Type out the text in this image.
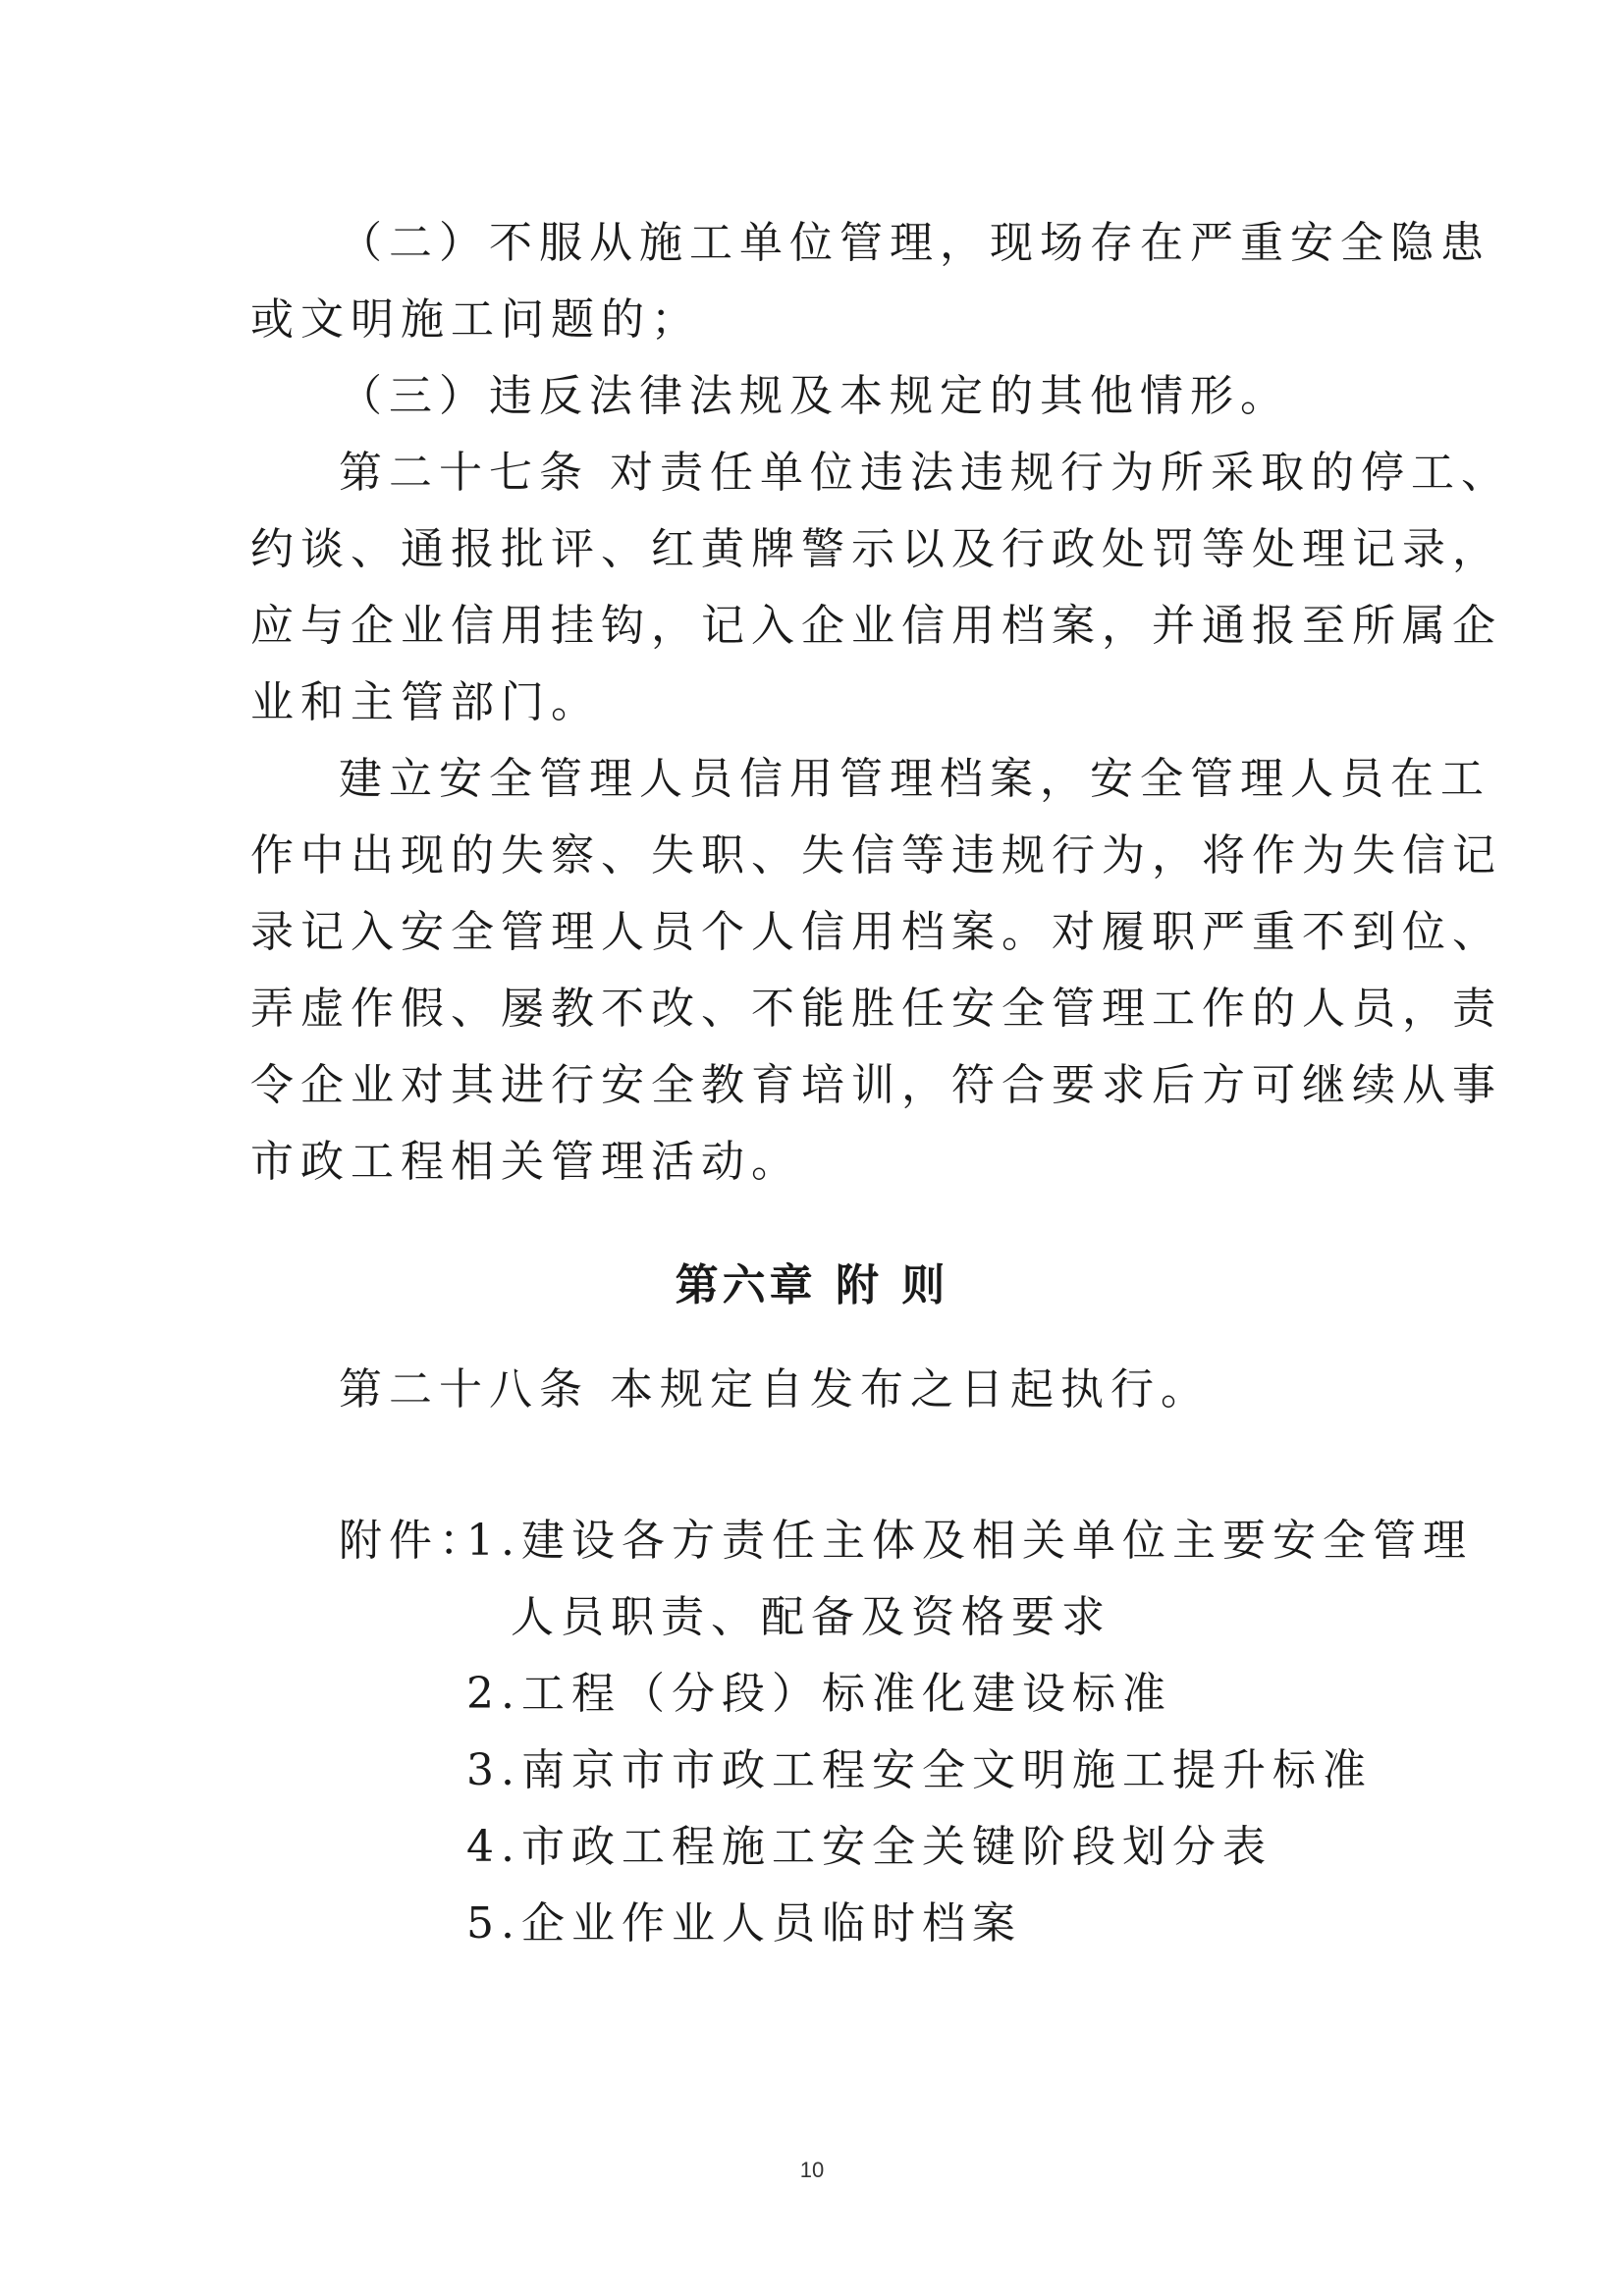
（二）不服从施工单位管理，现场存在严重安全隐患
或文明施工问题的；
（三）违反法律法规及本规定的其他情形。
第二十七条 对责任单位违法违规行为所采取的停工、
约谈、通报批评、红黄牌警示以及行政处罚等处理记录，
应与企业信用挂钩，记入企业信用档案，并通报至所属企
业和主管部门。
建立安全管理人员信用管理档案，安全管理人员在工
作中出现的失察、失职、失信等违规行为，将作为失信记
录记入安全管理人员个人信用档案。对履职严重不到位、
弄虚作假、屡教不改、不能胜任安全管理工作的人员，责
令企业对其进行安全教育培训，符合要求后方可继续从事
市政工程相关管理活动。
第六章 附 则
第二十八条 本规定自发布之日起执行。
附件：
1.建设各方责任主体及相关单位主要安全管理
人员职责、配备及资格要求
2.工程（分段）标准化建设标准
3.南京市市政工程安全文明施工提升标准
4.市政工程施工安全关键阶段划分表
5.企业作业人员临时档案
10
